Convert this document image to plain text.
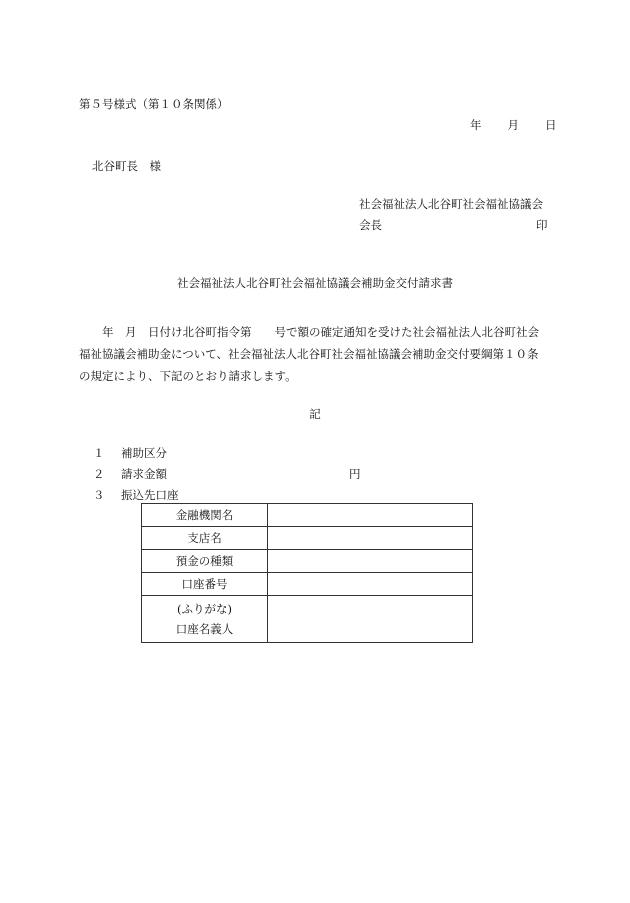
第５号様式（第１０条関係）
年 月 日
北谷町長　様
社会福祉法人北谷町社会福祉協議会
会長	印
社会福祉法人北谷町社会福祉協議会補助金交付請求書

　　年　月　日付け北谷町指令第　　号で額の確定通知を受けた社会福祉法人北谷町社会

福祉協議会補助金について、社会福祉法人北谷町社会福祉協議会補助金交付要綱第１０条

の規定により、下記のとおり請求します。

記
１ 補助区分
２ 請求金額	円
３ 振込先口座
金融機関名	
支店名	
預金の種類	
口座番号	

(ふりがな)
口座名義人	
